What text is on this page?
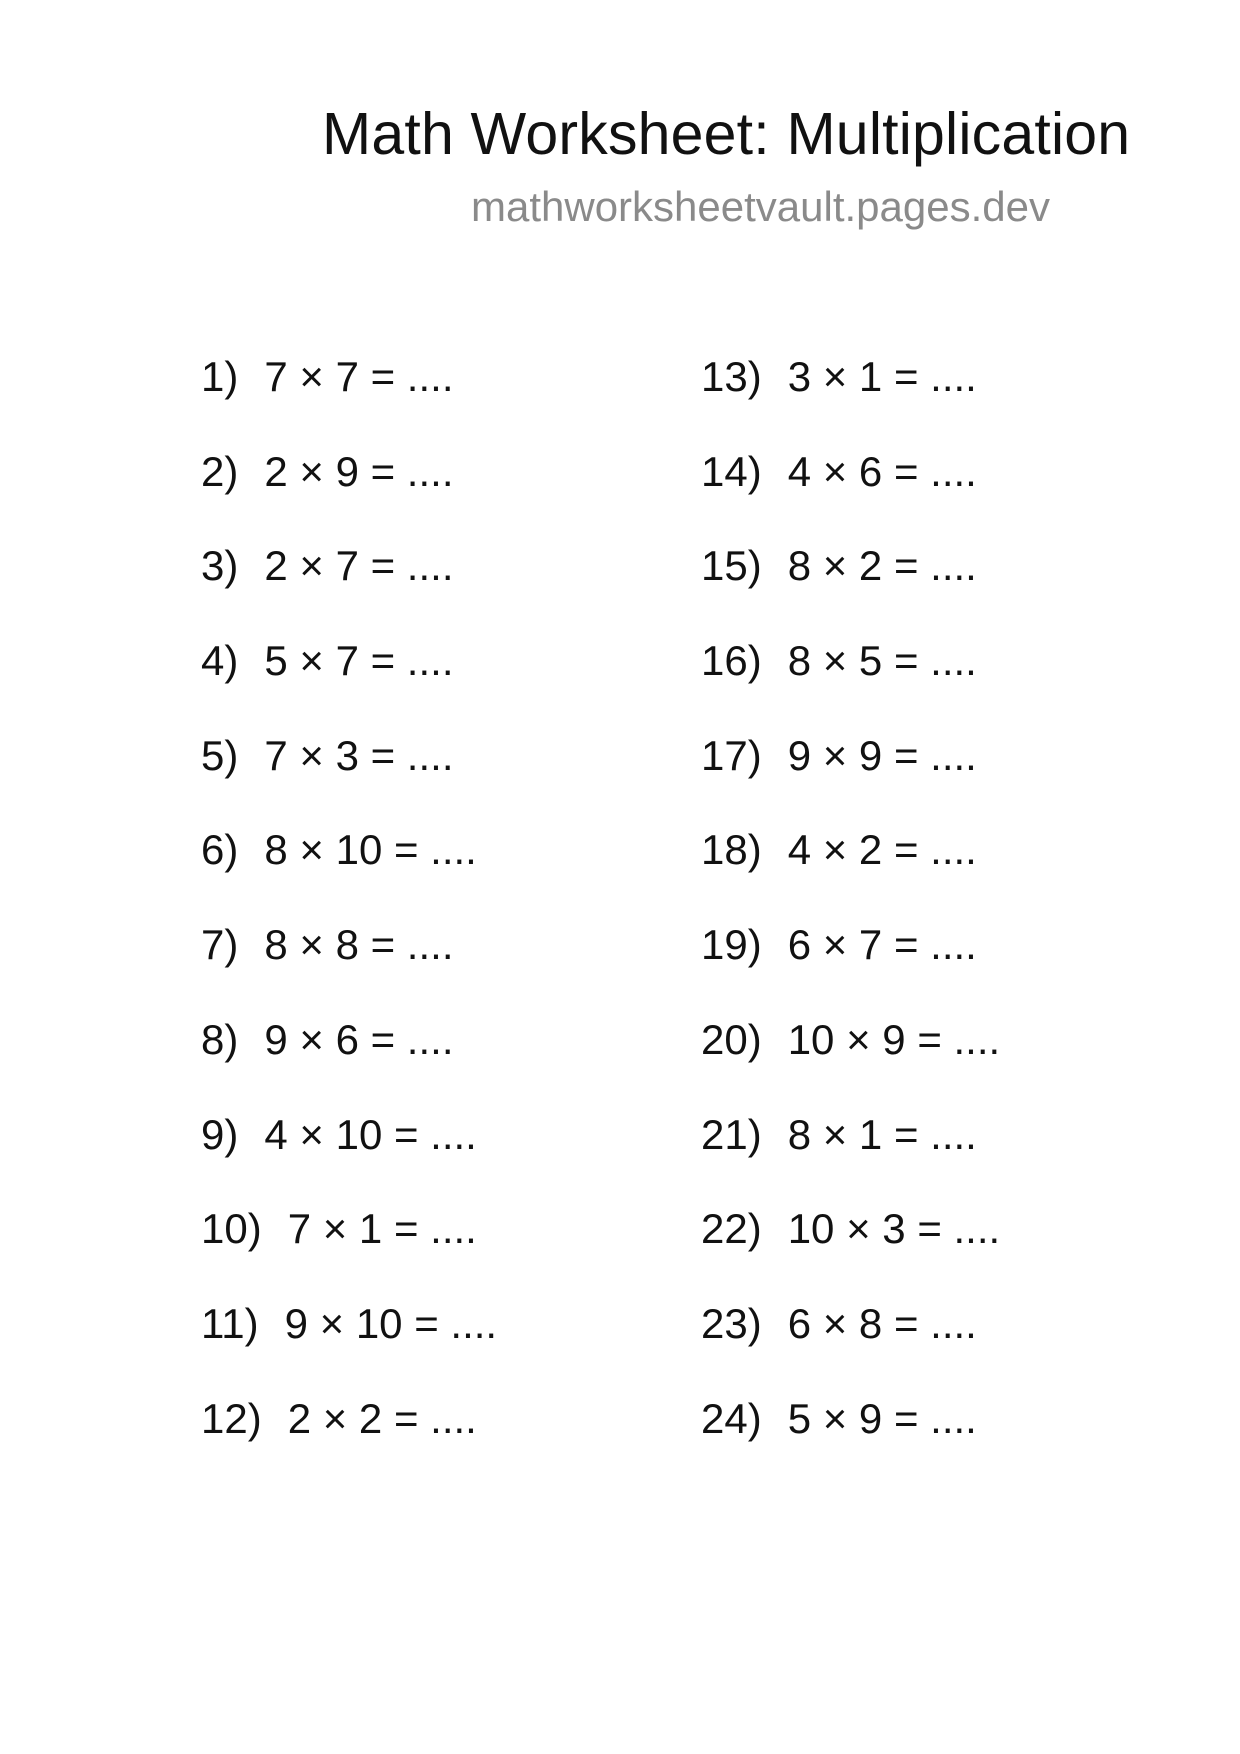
Math Worksheet: Multiplication
mathworksheetvault.pages.dev
1) 7 × 7 = ....
2) 2 × 9 = ....
3) 2 × 7 = ....
4) 5 × 7 = ....
5) 7 × 3 = ....
6) 8 × 10 = ....
7) 8 × 8 = ....
8) 9 × 6 = ....
9) 4 × 10 = ....
10) 7 × 1 = ....
11) 9 × 10 = ....
12) 2 × 2 = ....
13) 3 × 1 = ....
14) 4 × 6 = ....
15) 8 × 2 = ....
16) 8 × 5 = ....
17) 9 × 9 = ....
18) 4 × 2 = ....
19) 6 × 7 = ....
20) 10 × 9 = ....
21) 8 × 1 = ....
22) 10 × 3 = ....
23) 6 × 8 = ....
24) 5 × 9 = ....
